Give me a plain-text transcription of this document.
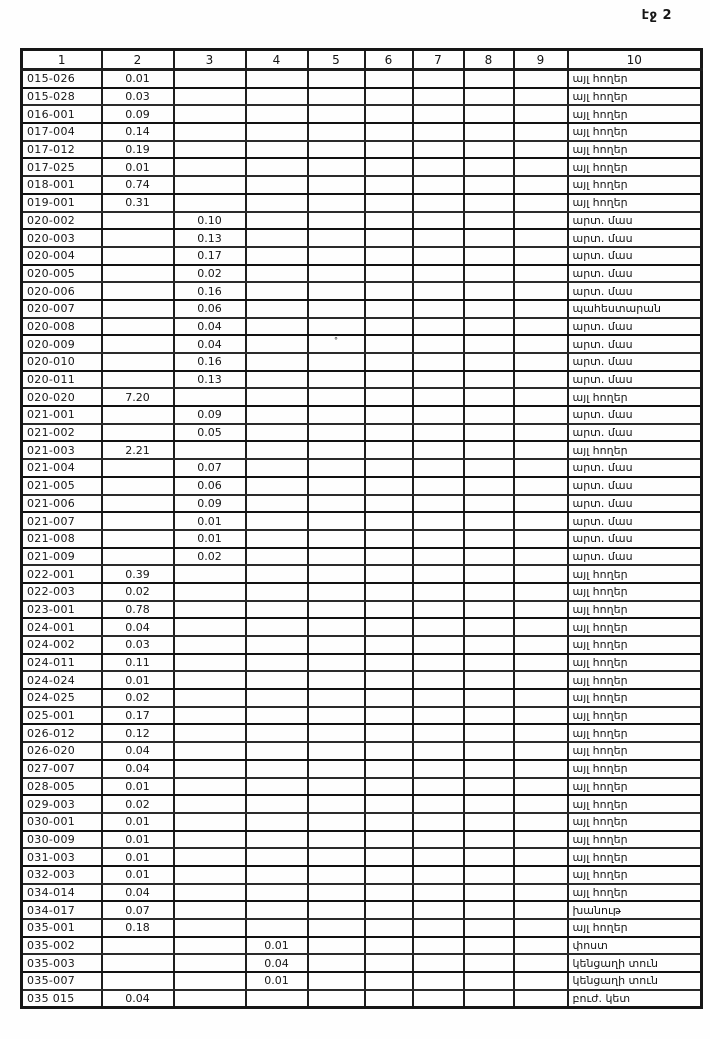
էջ 2
1	2	3	4	5	6	7	8	9	10
015-026	0.01								այլ հողեր
015-028	0.03								այլ հողեր
016-001	0.09								այլ հողեր
017-004	0.14								այլ հողեր
017-012	0.19								այլ հողեր
017-025	0.01								այլ հողեր
018-001	0.74								այլ հողեր
019-001	0.31								այլ հողեր
020-002		0.10							արտ. մաս
020-003		0.13							արտ. մաս
020-004		0.17							արտ. մաս
020-005		0.02							արտ. մաս
020-006		0.16							արտ. մաս
020-007		0.06							պահեստարան
020-008		0.04							արտ. մաս
020-009		0.04		°					արտ. մաս
020-010		0.16							արտ. մաս
020-011		0.13							արտ. մաս
020-020	7.20								այլ հողեր
021-001		0.09							արտ. մաս
021-002		0.05							արտ. մաս
021-003	2.21								այլ հողեր
021-004		0.07							արտ. մաս
021-005		0.06							արտ. մաս
021-006		0.09							արտ. մաս
021-007		0.01							արտ. մաս
021-008		0.01							արտ. մաս
021-009		0.02							արտ. մաս
022-001	0.39								այլ հողեր
022-003	0.02								այլ հողեր
023-001	0.78								այլ հողեր
024-001	0.04								այլ հողեր
024-002	0.03								այլ հողեր
024-011	0.11								այլ հողեր
024-024	0.01								այլ հողեր
024-025	0.02								այլ հողեր
025-001	0.17								այլ հողեր
026-012	0.12								այլ հողեր
026-020	0.04								այլ հողեր
027-007	0.04								այլ հողեր
028-005	0.01								այլ հողեր
029-003	0.02								այլ հողեր
030-001	0.01								այլ հողեր
030-009	0.01								այլ հողեր
031-003	0.01								այլ հողեր
032-003	0.01								այլ հողեր
034-014	0.04								այլ հողեր
034-017	0.07								խանութ
035-001	0.18								այլ հողեր
035-002			0.01						փոստ
035-003			0.04						կենցաղի տուն
035-007			0.01						կենցաղի տուն
035 015	0.04								բուժ. կետ
